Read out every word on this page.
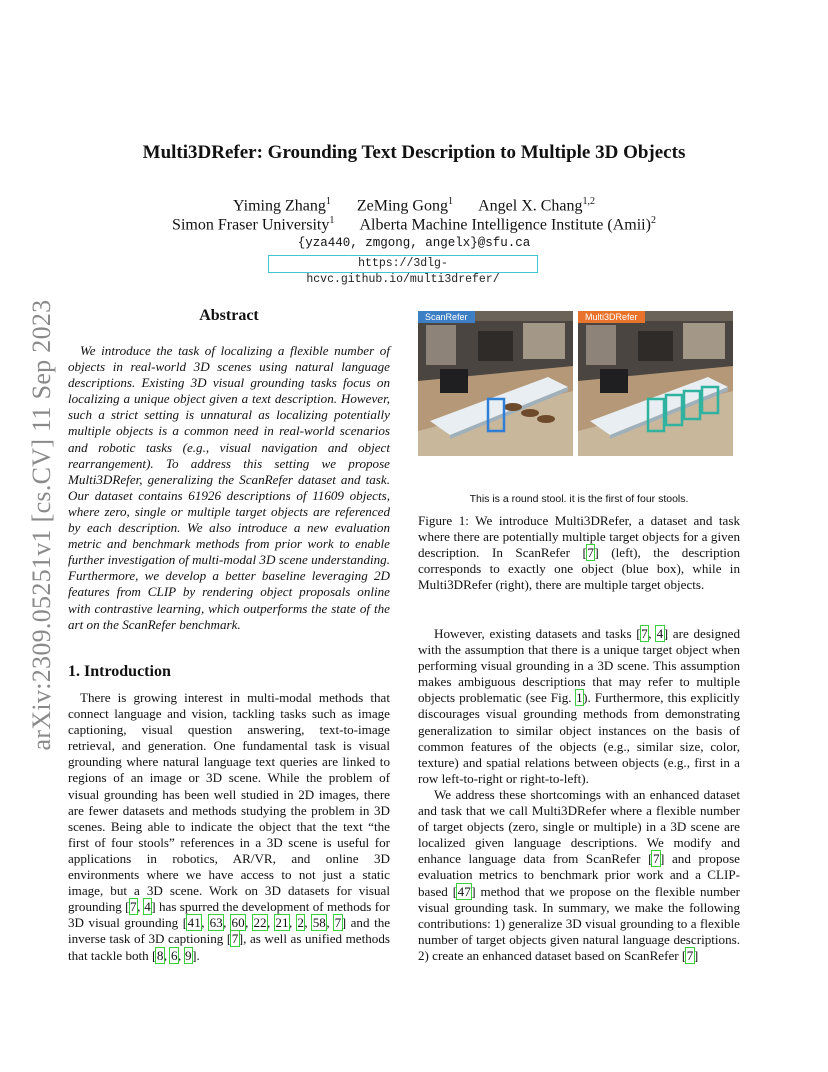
arXiv:2309.05251v1 [cs.CV] 11 Sep 2023
Multi3DRefer: Grounding Text Description to Multiple 3D Objects
Yiming Zhang$^1$ ZeMing Gong$^1$ Angel X. Chang$^{1,2}$
Simon Fraser University$^1$ Alberta Machine Intelligence Institute (Amii)$^2$
{yza440, zmgong, angelx}@sfu.ca
https://3dlg-hcvc.github.io/multi3drefer/
Abstract
We introduce the task of localizing a flexible number of objects in real-world 3D scenes using natural language descriptions. Existing 3D visual grounding tasks focus on localizing a unique object given a text description. However, such a strict setting is unnatural as localizing potentially multiple objects is a common need in real-world scenarios and robotic tasks (e.g., visual navigation and object rearrangement). To address this setting we propose Multi3DRefer, generalizing the ScanRefer dataset and task. Our dataset contains 61926 descriptions of 11609 objects, where zero, single or multiple target objects are referenced by each description. We also introduce a new evaluation metric and benchmark methods from prior work to enable further investigation of multi-modal 3D scene understanding. Furthermore, we develop a better baseline leveraging 2D features from CLIP by rendering object proposals online with contrastive learning, which outperforms the state of the art on the ScanRefer benchmark.
ScanRefer	Multi3DRefer
This is a round stool. it is the first of four stools.
Figure 1: We introduce Multi3DRefer, a dataset and task where there are potentially multiple target objects for a given description. In ScanRefer [7] (left), the description corresponds to exactly one object (blue box), while in Multi3DRefer (right), there are multiple target objects.
1. Introduction
There is growing interest in multi-modal methods that connect language and vision, tackling tasks such as image captioning, visual question answering, text-to-image retrieval, and generation. One fundamental task is visual grounding where natural language text queries are linked to regions of an image or 3D scene. While the problem of visual grounding has been well studied in 2D images, there are fewer datasets and methods studying the problem in 3D scenes. Being able to indicate the object that the text “the first of four stools” references in a 3D scene is useful for applications in robotics, AR/VR, and online 3D environments where we have access to not just a static image, but a 3D scene. Work on 3D datasets for visual grounding [7, 4] has spurred the development of methods for 3D visual grounding [41, 63, 60, 22, 21, 2, 58, 7] and the inverse task of 3D captioning [7], as well as unified methods that tackle both [8, 6, 9].

However, existing datasets and tasks [7, 4] are designed with the assumption that there is a unique target object when performing visual grounding in a 3D scene. This assumption makes ambiguous descriptions that may refer to multiple objects problematic (see Fig. 1). Furthermore, this explicitly discourages visual grounding methods from demonstrating generalization to similar object instances on the basis of common features of the objects (e.g., similar size, color, texture) and spatial relations between objects (e.g., first in a row left-to-right or right-to-left).

We address these shortcomings with an enhanced dataset and task that we call Multi3DRefer where a flexible number of target objects (zero, single or multiple) in a 3D scene are localized given language descriptions. We modify and enhance language data from ScanRefer [7] and propose evaluation metrics to benchmark prior work and a CLIP-based [47] method that we propose on the flexible number visual grounding task. In summary, we make the following contributions: 1) generalize 3D visual grounding to a flexible number of target objects given natural language descriptions. 2) create an enhanced dataset based on ScanRefer [7]
